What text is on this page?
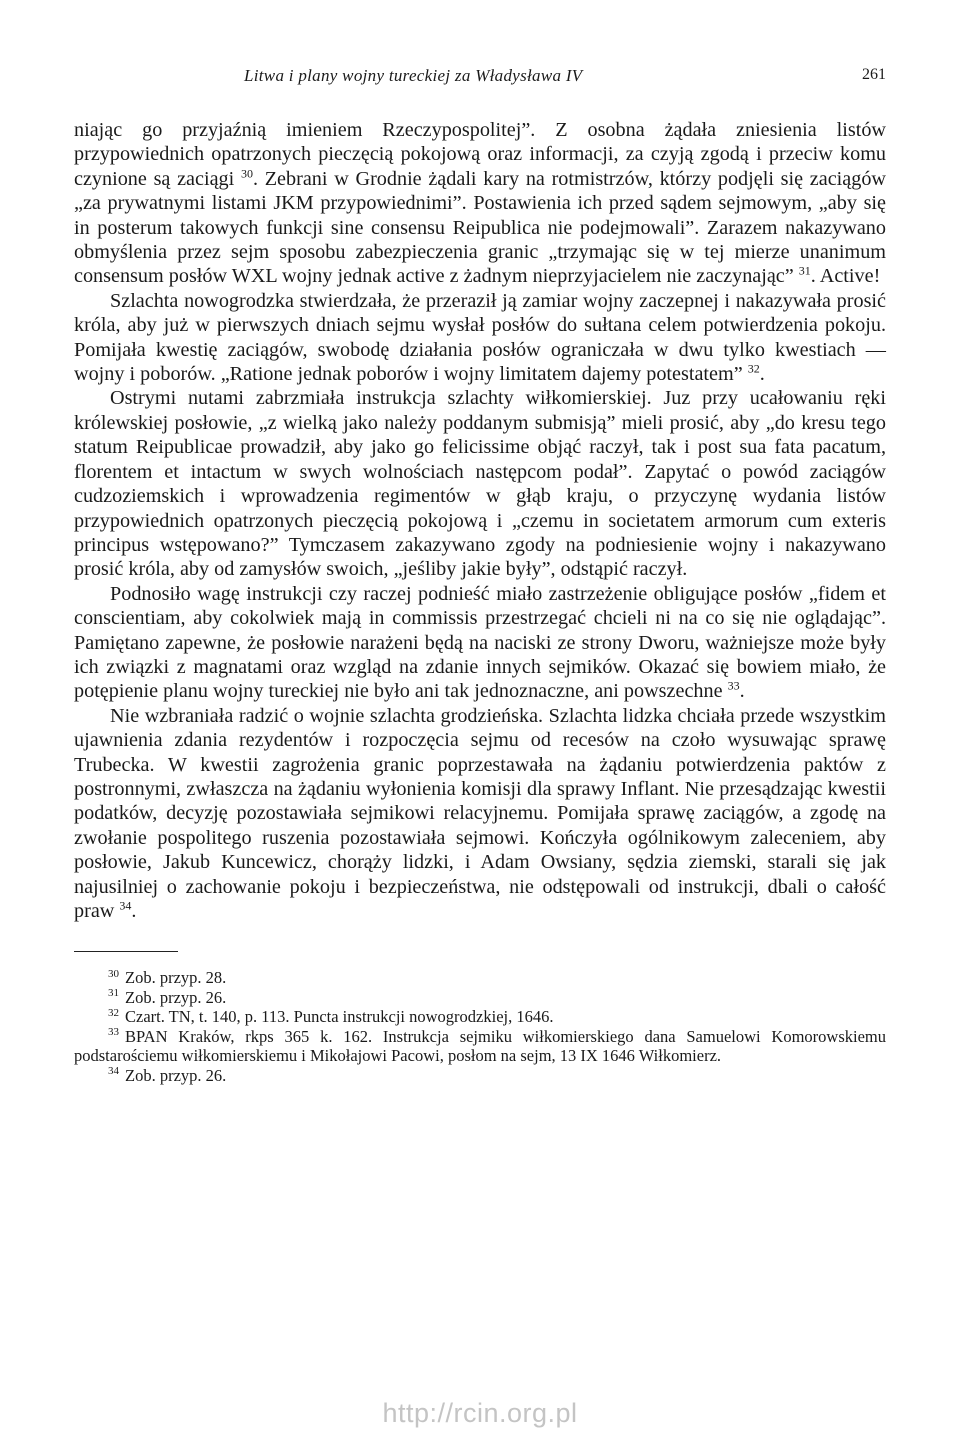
Litwa i plany wojny tureckiej za Władysława IV	261

niając go przyjaźnią imieniem Rzeczypospolitej”. Z osobna żądała zniesienia listów przypowiednich opatrzonych pieczęcią pokojową oraz informacji, za czyją zgodą i przeciw komu czynione są zaciągi $^{30}$. Zebrani w Grodnie żądali kary na rotmistrzów, którzy podjęli się zaciągów „za prywatnymi listami JKM przypowiednimi”. Postawienia ich przed sądem sejmowym, „aby się in posterum takowych funkcji sine consensu Reipublica nie podejmowali”. Zarazem nakazywano obmyślenia przez sejm sposobu zabezpieczenia granic „trzymając się w tej mierze unanimum consensum posłów WXL wojny jednak active z żadnym nieprzyjacielem nie zaczynając” $^{31}$. Active!

Szlachta nowogrodzka stwierdzała, że przeraził ją zamiar wojny zaczepnej i nakazywała prosić króla, aby już w pierwszych dniach sejmu wysłał posłów do sułtana celem potwierdzenia pokoju. Pomijała kwestię zaciągów, swobodę działania posłów ograniczała w dwu tylko kwestiach — wojny i poborów. „Ratione jednak poborów i wojny limitatem dajemy potestatem” $^{32}$.

Ostrymi nutami zabrzmiała instrukcja szlachty wiłkomierskiej. Juz przy ucałowaniu ręki królewskiej posłowie, „z wielką jako należy poddanym submisją” mieli prosić, aby „do kresu tego statum Reipublicae prowadził, aby jako go felicissime objąć raczył, tak i post sua fata pacatum, florentem et intactum w swych wolnościach następcom podał”. Zapytać o powód zaciągów cudzoziemskich i wprowadzenia regimentów w głąb kraju, o przyczynę wydania listów przypowiednich opatrzonych pieczęcią pokojową i „czemu in societatem armorum cum exteris principus wstępowano?” Tymczasem zakazywano zgody na podniesienie wojny i nakazywano prosić króla, aby od zamysłów swoich, „jeśliby jakie były”, odstąpić raczył.

Podnosiło wagę instrukcji czy raczej podnieść miało zastrzeżenie obligujące posłów „fidem et conscientiam, aby cokolwiek mają in commissis przestrzegać chcieli ni na co się nie oglądając”. Pamiętano zapewne, że posłowie narażeni będą na naciski ze strony Dworu, ważniejsze może były ich związki z magnatami oraz wzgląd na zdanie innych sejmików. Okazać się bowiem miało, że potępienie planu wojny tureckiej nie było ani tak jednoznaczne, ani powszechne $^{33}$.

Nie wzbraniała radzić o wojnie szlachta grodzieńska. Szlachta lidzka chciała przede wszystkim ujawnienia zdania rezydentów i rozpoczęcia sejmu od recesów na czoło wysuwając sprawę Trubecka. W kwestii zagrożenia granic poprzestawała na żądaniu potwierdzenia paktów z postronnymi, zwłaszcza na żądaniu wyłonienia komisji dla sprawy Inflant. Nie przesądzając kwestii podatków, decyzję pozostawiała sejmikowi relacyjnemu. Pomijała sprawę zaciągów, a zgodę na zwołanie pospolitego ruszenia pozostawiała sejmowi. Kończyła ogólnikowym zaleceniem, aby posłowie, Jakub Kuncewicz, chorąży lidzki, i Adam Owsiany, sędzia ziemski, starali się jak najusilniej o zachowanie pokoju i bezpieczeństwa, nie odstępowali od instrukcji, dbali o całość praw $^{34}$.

$^{30}$ Zob. przyp. 28.
$^{31}$ Zob. przyp. 26.
$^{32}$ Czart. TN, t. 140, p. 113. Puncta instrukcji nowogrodzkiej, 1646.
$^{33}$ BPAN Kraków, rkps 365 k. 162. Instrukcja sejmiku wiłkomierskiego dana Samuelowi Komorowskiemu podstarościemu wiłkomierskiemu i Mikołajowi Pacowi, posłom na sejm, 13 IX 1646 Wiłkomierz.
$^{34}$ Zob. przyp. 26.
http://rcin.org.pl
